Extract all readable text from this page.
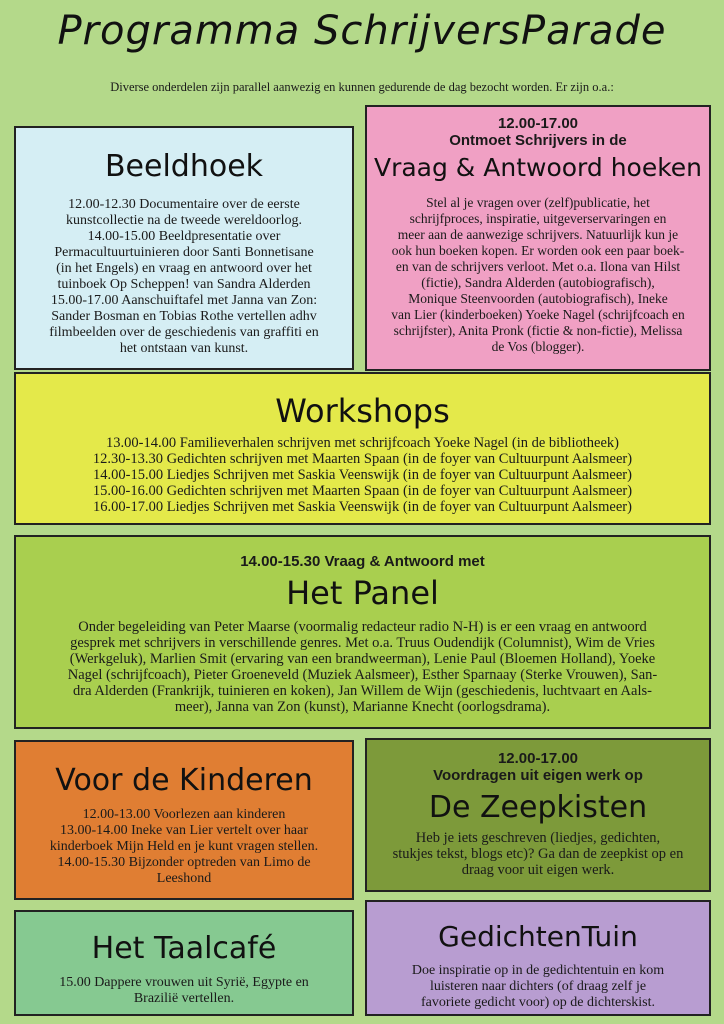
Programma SchrijversParade
Diverse onderdelen zijn parallel aanwezig en kunnen gedurende de dag bezocht worden. Er zijn o.a.:
Beeldhoek
12.00-12.30 Documentaire over de eerste
kunstcollectie na de tweede wereldoorlog.
14.00-15.00 Beeldpresentatie over
Permacultuurtuinieren door Santi Bonnetisane
(in het Engels) en vraag en antwoord over het
tuinboek Op Scheppen! van Sandra Alderden
15.00-17.00 Aanschuiftafel met Janna van Zon:
Sander Bosman en Tobias Rothe vertellen adhv
filmbeelden over de geschiedenis van graffiti en
het ontstaan van kunst.
12.00-17.00
Ontmoet Schrijvers in de
Vraag & Antwoord hoeken
Stel al je vragen over (zelf)publicatie, het
schrijfproces, inspiratie, uitgeverservaringen en
meer aan de aanwezige schrijvers. Natuurlijk kun je
ook hun boeken kopen. Er worden ook een paar boek-
en van de schrijvers verloot. Met o.a. Ilona van Hilst
(fictie), Sandra Alderden (autobiografisch),
Monique Steenvoorden (autobiografisch), Ineke
van Lier (kinderboeken) Yoeke Nagel (schrijfcoach en
schrijfster), Anita Pronk (fictie & non-fictie), Melissa
de Vos (blogger).
Workshops
13.00-14.00 Familieverhalen schrijven met schrijfcoach Yoeke Nagel (in de bibliotheek)
12.30-13.30 Gedichten schrijven met Maarten Spaan (in de foyer van Cultuurpunt Aalsmeer)
14.00-15.00 Liedjes Schrijven met Saskia Veenswijk (in de foyer van Cultuurpunt Aalsmeer)
15.00-16.00 Gedichten schrijven met Maarten Spaan (in de foyer van Cultuurpunt Aalsmeer)
16.00-17.00 Liedjes Schrijven met Saskia Veenswijk (in de foyer van Cultuurpunt Aalsmeer)
14.00-15.30 Vraag & Antwoord met
Het Panel
Onder begeleiding van Peter Maarse (voormalig redacteur radio N-H) is er een vraag en antwoord
gesprek met schrijvers in verschillende genres. Met o.a. Truus Oudendijk (Columnist), Wim de Vries
(Werkgeluk), Marlien Smit (ervaring van een brandweerman), Lenie Paul (Bloemen Holland), Yoeke
Nagel (schrijfcoach), Pieter Groeneveld (Muziek Aalsmeer), Esther Sparnaay (Sterke Vrouwen), San-
dra Alderden (Frankrijk, tuinieren en koken), Jan Willem de Wijn (geschiedenis, luchtvaart en Aals-
meer), Janna van Zon (kunst), Marianne Knecht (oorlogsdrama).
Voor de Kinderen
12.00-13.00 Voorlezen aan kinderen
13.00-14.00 Ineke van Lier vertelt over haar
kinderboek Mijn Held en je kunt vragen stellen.
14.00-15.30 Bijzonder optreden van Limo de
Leeshond
12.00-17.00
Voordragen uit eigen werk op
De Zeepkisten
Heb je iets geschreven (liedjes, gedichten,
stukjes tekst, blogs etc)? Ga dan de zeepkist op en
draag voor uit eigen werk.
Het Taalcafé
15.00 Dappere vrouwen uit Syrië, Egypte en
Brazilië vertellen.
GedichtenTuin
Doe inspiratie op in de gedichtentuin en kom
luisteren naar dichters (of draag zelf je
favoriete gedicht voor) op de dichterskist.
